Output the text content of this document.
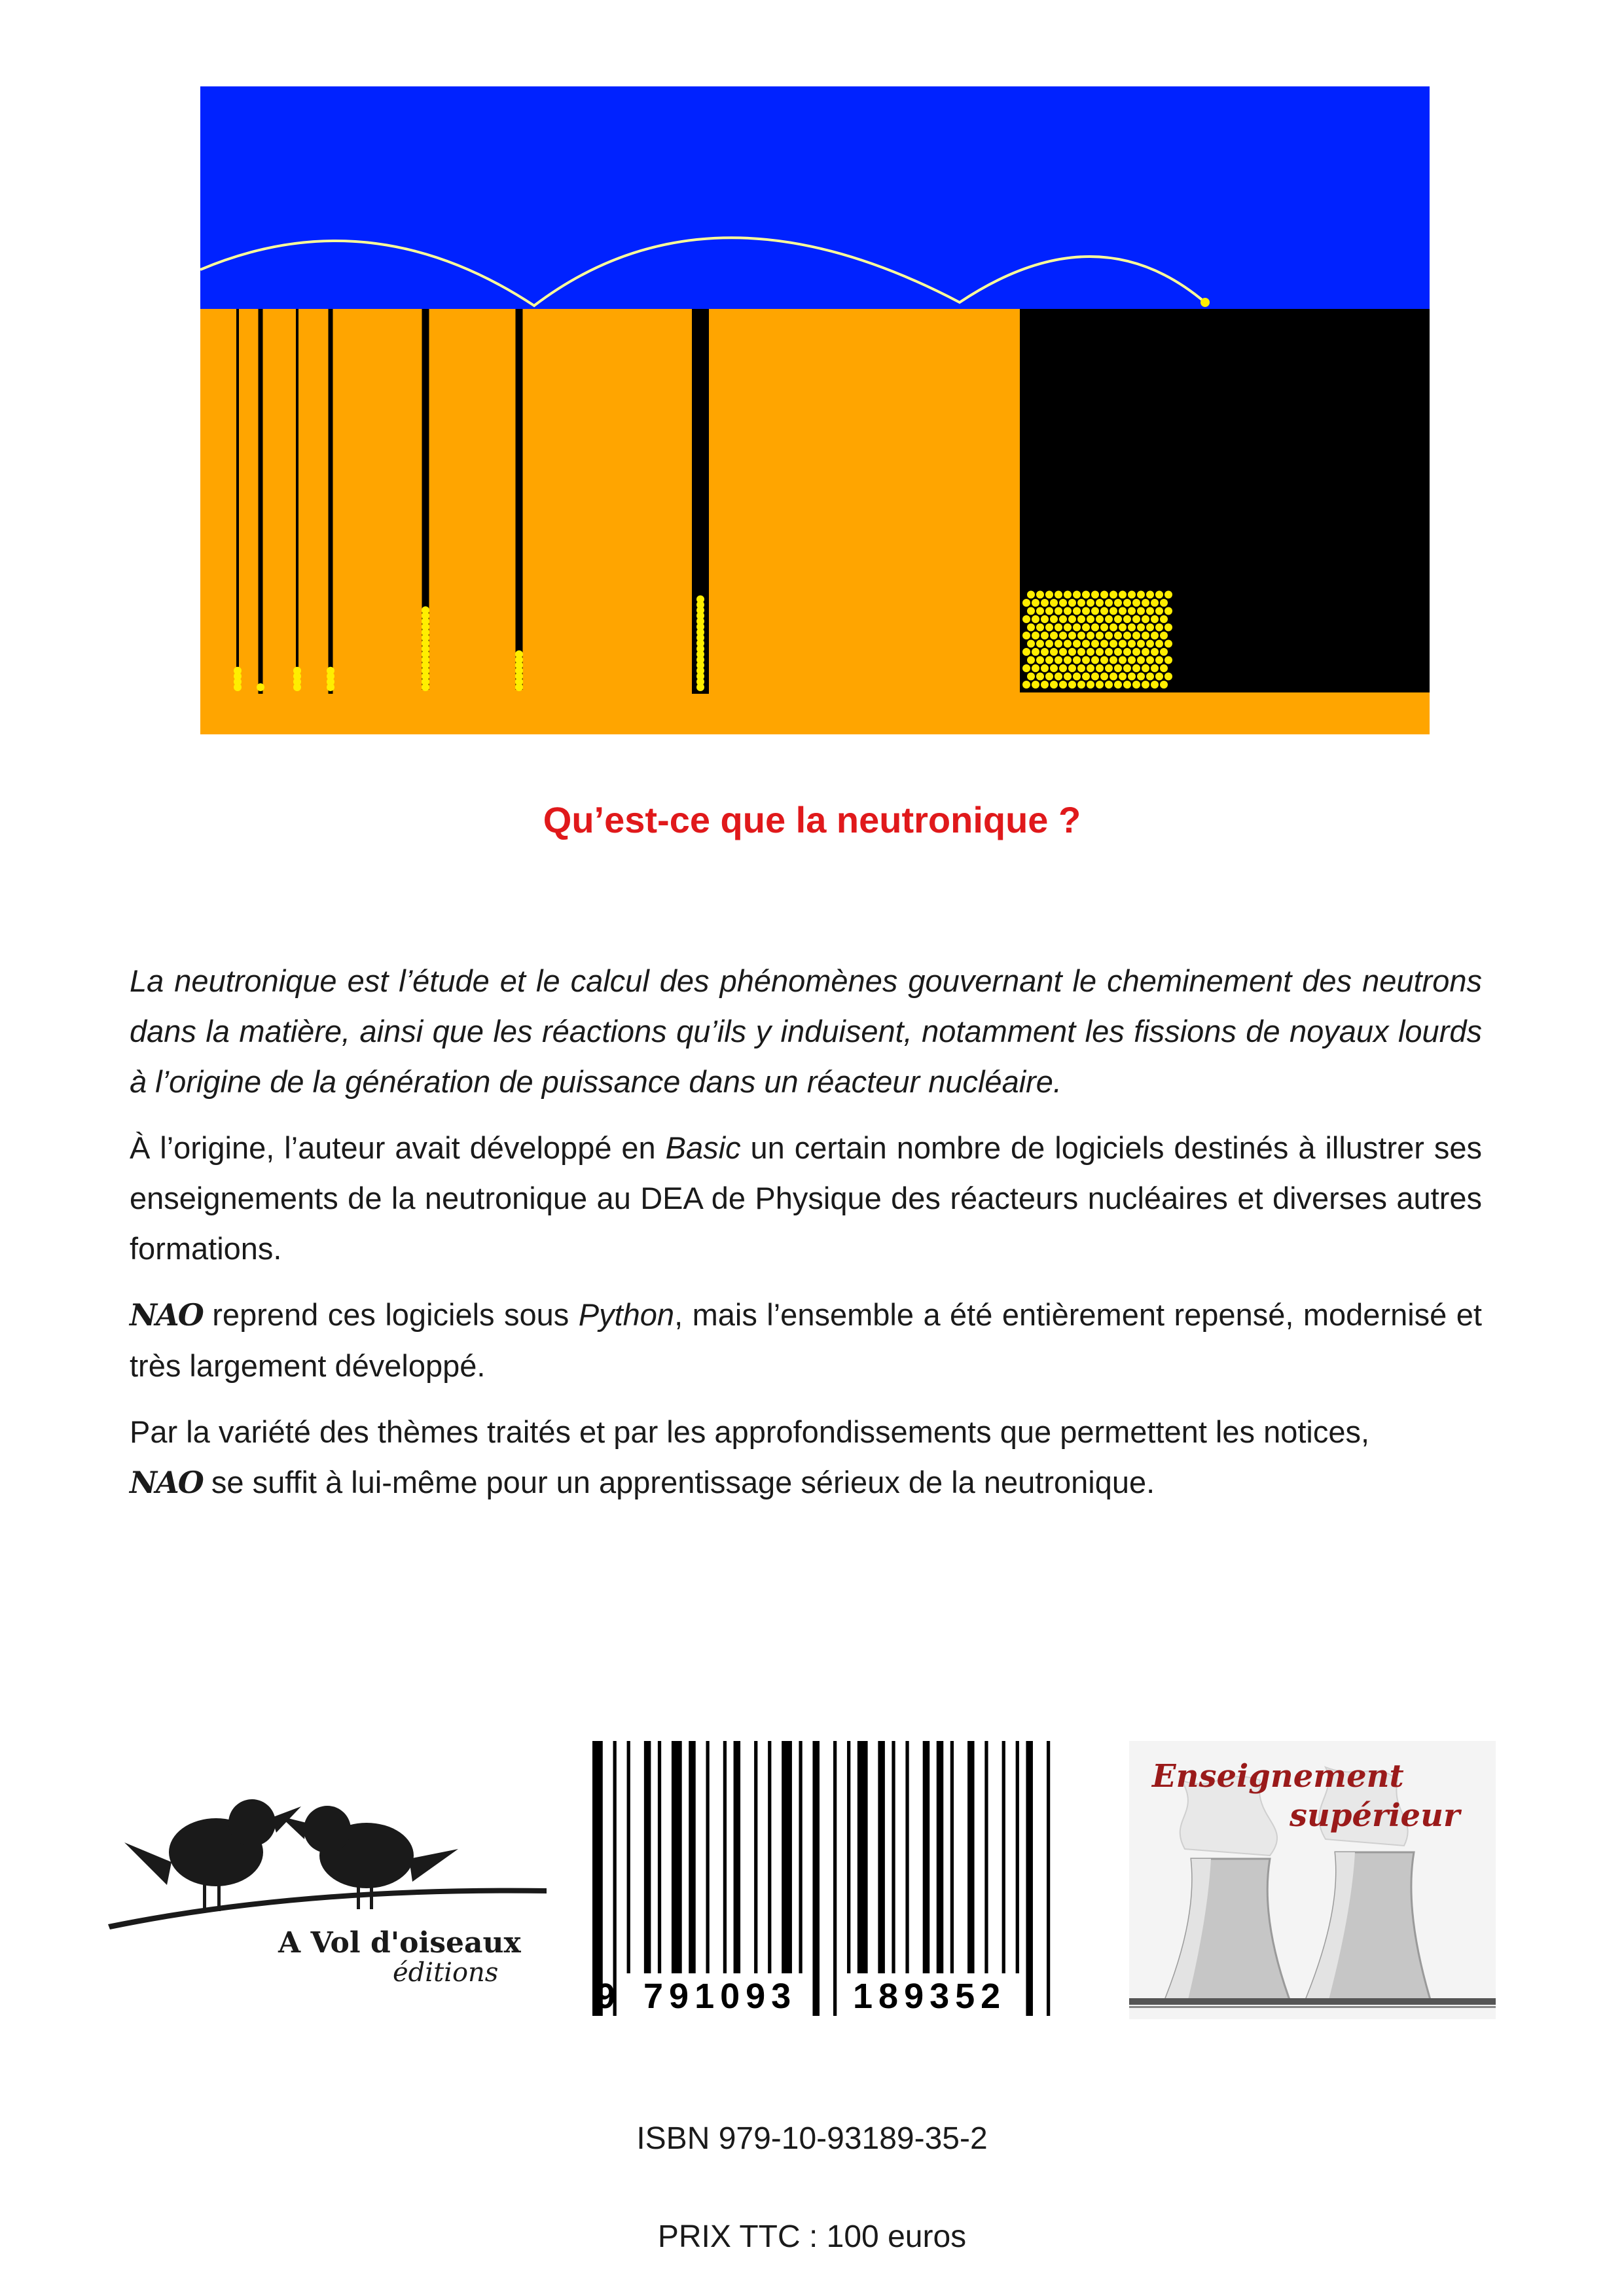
Qu’est-ce que la neutronique ?

La neutronique est l’étude et le calcul des phénomènes gouvernant le cheminement des neutrons dans la matière, ainsi que les réactions qu’ils y induisent, notamment les fissions de noyaux lourds à l’origine de la génération de puissance dans un réacteur nucléaire.

À l’origine, l’auteur avait développé en Basic un certain nombre de logiciels destinés à illustrer ses enseignements de la neutronique au DEA de Physique des réacteurs nucléaires et diverses autres formations.

NAO reprend ces logiciels sous Python, mais l’ensemble a été entièrement repensé, modernisé et très largement développé.

Par la variété des thèmes traités et par les approfondissements que permettent les notices,
NAO se suffit à lui-même pour un apprentissage sérieux de la neutronique.

A Vol d'oiseaux
éditions
9 791093 189352
Enseignement
supérieur

ISBN 979-10-93189-35-2

PRIX TTC : 100 euros
